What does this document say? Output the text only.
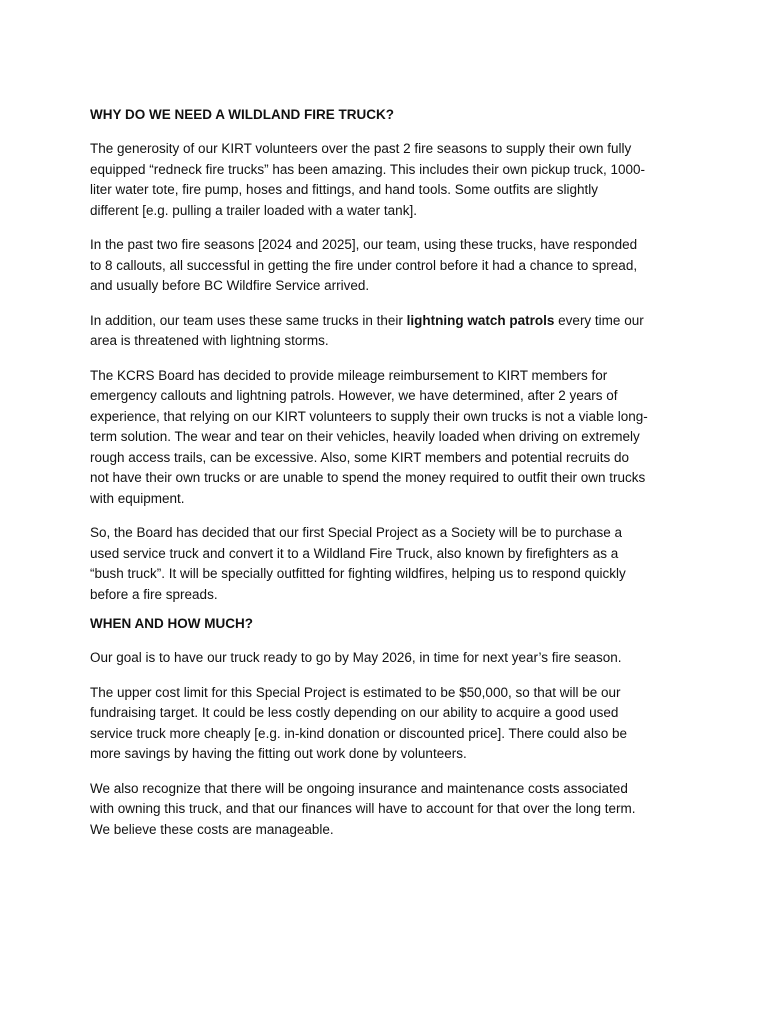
WHY DO WE NEED A WILDLAND FIRE TRUCK?

The generosity of our KIRT volunteers over the past 2 fire seasons to supply their own fully equipped “redneck fire trucks” has been amazing. This includes their own pickup truck, 1000-liter water tote, fire pump, hoses and fittings, and hand tools. Some outfits are slightly different [e.g. pulling a trailer loaded with a water tank].

In the past two fire seasons [2024 and 2025], our team, using these trucks, have responded to 8 callouts, all successful in getting the fire under control before it had a chance to spread, and usually before BC Wildfire Service arrived.

In addition, our team uses these same trucks in their lightning watch patrols every time our area is threatened with lightning storms.

The KCRS Board has decided to provide mileage reimbursement to KIRT members for emergency callouts and lightning patrols. However, we have determined, after 2 years of experience, that relying on our KIRT volunteers to supply their own trucks is not a viable long-term solution. The wear and tear on their vehicles, heavily loaded when driving on extremely rough access trails, can be excessive. Also, some KIRT members and potential recruits do not have their own trucks or are unable to spend the money required to outfit their own trucks with equipment.

So, the Board has decided that our first Special Project as a Society will be to purchase a used service truck and convert it to a Wildland Fire Truck, also known by firefighters as a “bush truck”. It will be specially outfitted for fighting wildfires, helping us to respond quickly before a fire spreads.

WHEN AND HOW MUCH?

Our goal is to have our truck ready to go by May 2026, in time for next year’s fire season.

The upper cost limit for this Special Project is estimated to be $50,000, so that will be our fundraising target. It could be less costly depending on our ability to acquire a good used service truck more cheaply [e.g. in-kind donation or discounted price]. There could also be more savings by having the fitting out work done by volunteers.

We also recognize that there will be ongoing insurance and maintenance costs associated with owning this truck, and that our finances will have to account for that over the long term. We believe these costs are manageable.
